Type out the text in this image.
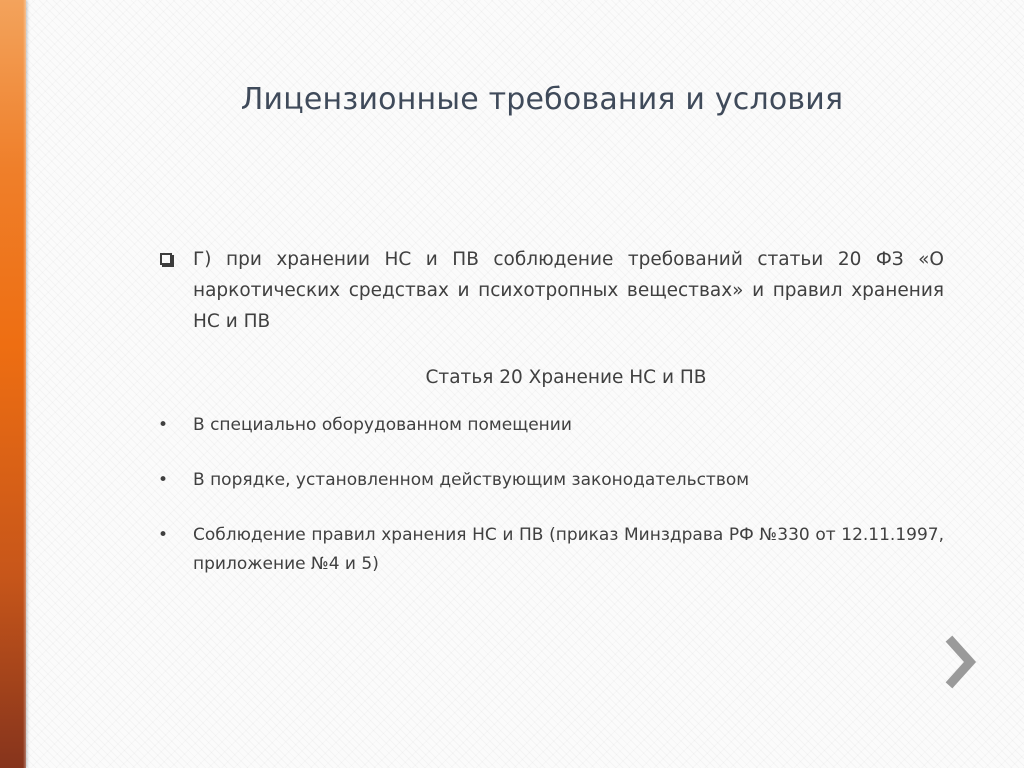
Лицензионные требования и условия
Г) при хранении НС и ПВ соблюдение требований статьи 20 ФЗ «О наркотических средствах и психотропных веществах» и правил хранения НС и ПВ
Статья 20 Хранение НС и ПВ
• В специально оборудованном помещении
• В порядке, установленном действующим законодательством
• Соблюдение правил хранения НС и ПВ (приказ Минздрава РФ №330 от 12.11.1997, приложение №4 и 5)
